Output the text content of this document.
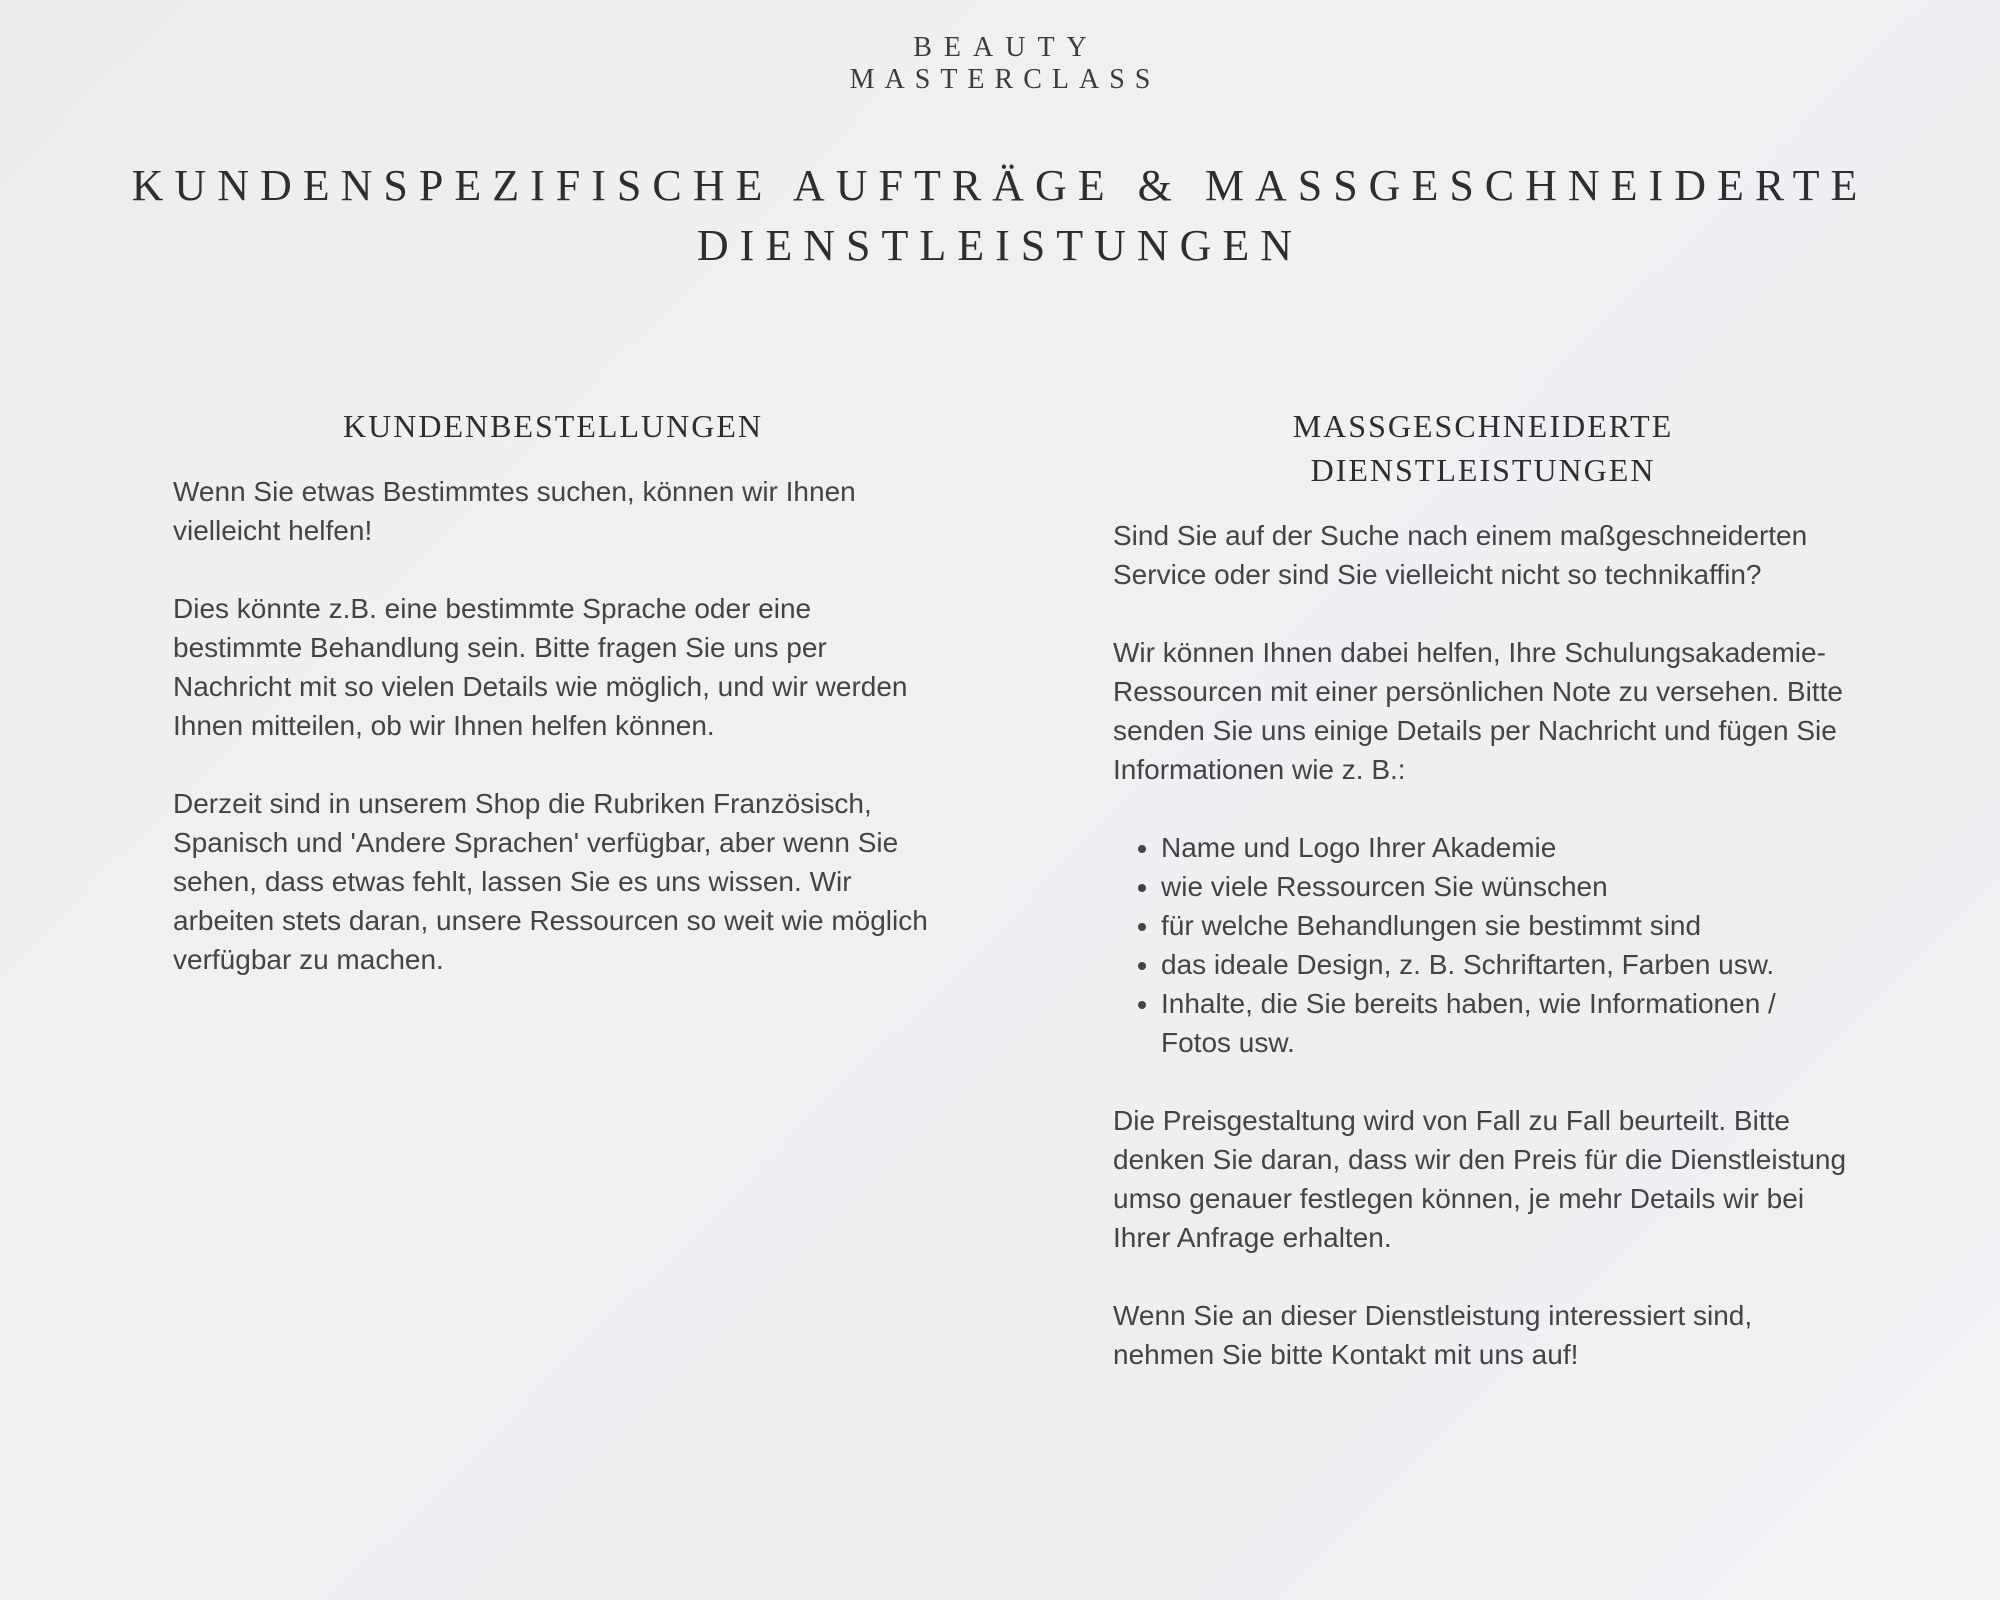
BEAUTY
MASTERCLASS
KUNDENSPEZIFISCHE AUFTRÄGE & MASSGESCHNEIDERTE
DIENSTLEISTUNGEN
KUNDENBESTELLUNGEN

Wenn Sie etwas Bestimmtes suchen, können wir Ihnen vielleicht helfen!

Dies könnte z.B. eine bestimmte Sprache oder eine bestimmte Behandlung sein. Bitte fragen Sie uns per Nachricht mit so vielen Details wie möglich, und wir werden Ihnen mitteilen, ob wir Ihnen helfen können.

Derzeit sind in unserem Shop die Rubriken Französisch, Spanisch und 'Andere Sprachen' verfügbar, aber wenn Sie sehen, dass etwas fehlt, lassen Sie es uns wissen. Wir arbeiten stets daran, unsere Ressourcen so weit wie möglich verfügbar zu machen.

MASSGESCHNEIDERTE
DIENSTLEISTUNGEN

Sind Sie auf der Suche nach einem maßgeschneiderten Service oder sind Sie vielleicht nicht so technikaffin?

Wir können Ihnen dabei helfen, Ihre Schulungsakademie-Ressourcen mit einer persönlichen Note zu versehen. Bitte senden Sie uns einige Details per Nachricht und fügen Sie Informationen wie z. B.:

• Name und Logo Ihrer Akademie
• wie viele Ressourcen Sie wünschen
• für welche Behandlungen sie bestimmt sind
• das ideale Design, z. B. Schriftarten, Farben usw.
• Inhalte, die Sie bereits haben, wie Informationen / Fotos usw.

Die Preisgestaltung wird von Fall zu Fall beurteilt. Bitte denken Sie daran, dass wir den Preis für die Dienstleistung umso genauer festlegen können, je mehr Details wir bei Ihrer Anfrage erhalten.

Wenn Sie an dieser Dienstleistung interessiert sind, nehmen Sie bitte Kontakt mit uns auf!
